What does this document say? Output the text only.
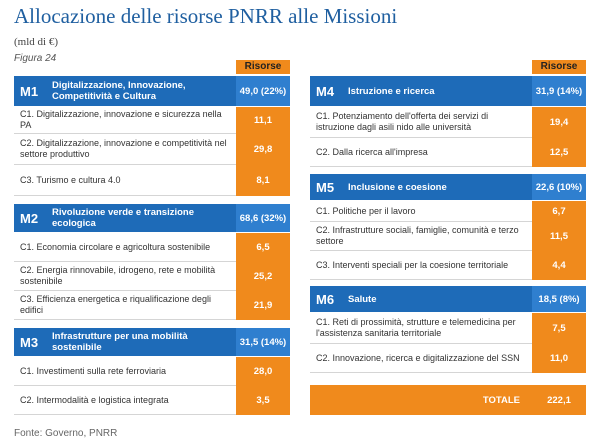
Allocazione delle risorse PNRR alle Missioni
(mld di €)
Figura 24
Risorse
M1 Digitalizzazione, Innovazione, Competitività e Cultura	49,0 (22%)
C1. Digitalizzazione, innovazione e sicurezza nella PA	11,1
C2. Digitalizzazione, innovazione e competitività nel settore produttivo	29,8
C3. Turismo e cultura 4.0	8,1
M2 Rivoluzione verde e transizione ecologica	68,6 (32%)
C1. Economia circolare e agricoltura sostenibile	6,5
C2. Energia rinnovabile, idrogeno, rete e mobilità sostenibile	25,2
C3. Efficienza energetica e riqualificazione degli edifici	21,9
M3 Infrastrutture per una mobilità sostenibile	31,5 (14%)
C1. Investimenti sulla rete ferroviaria	28,0
C2. Intermodalità e logistica integrata	3,5
Risorse
M4 Istruzione e ricerca	31,9 (14%)
C1. Potenziamento dell'offerta dei servizi di istruzione dagli asili nido alle università	19,4
C2. Dalla ricerca all'impresa	12,5
M5 Inclusione e coesione	22,6 (10%)
C1. Politiche per il lavoro	6,7
C2. Infrastrutture sociali, famiglie, comunità e terzo settore	11,5
C3. Interventi speciali per la coesione territoriale	4,4
M6 Salute	18,5 (8%)
C1. Reti di prossimità, strutture e telemedicina per l'assistenza sanitaria territoriale	7,5
C2. Innovazione, ricerca e digitalizzazione del SSN	11,0
TOTALE	222,1
Fonte: Governo, PNRR
